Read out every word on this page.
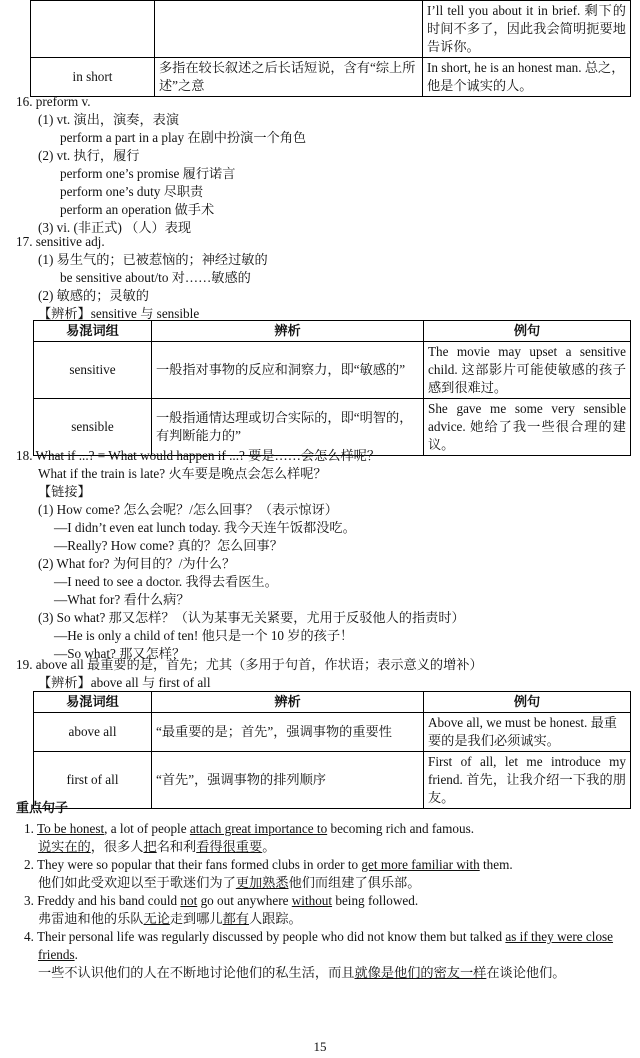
		I’ll tell you about it in brief. 剩下的时间不多了，因此我会简明扼要地告诉你。
in short	多指在较长叙述之后长话短说，含有“综上所述”之意	In short, he is an honest man. 总之，他是个诚实的人。
16. preform v.
(1) vt. 演出，演奏，表演
perform a part in a play 在剧中扮演一个角色
(2) vt. 执行，履行
perform one’s promise 履行诺言
perform one’s duty 尽职责
perform an operation 做手术
(3) vi. (非正式) （人）表现
17. sensitive adj.
(1) 易生气的；已被惹恼的；神经过敏的
be sensitive about/to 对……敏感的
(2) 敏感的；灵敏的
【辨析】sensitive 与 sensible
易混词组	辨析	例句
sensitive	一般指对事物的反应和洞察力，即“敏感的”	The movie may upset a sensitive child. 这部影片可能使敏感的孩子感到很难过。
sensible	一般指通情达理或切合实际的，即“明智的，有判断能力的”	She gave me some very sensible advice. 她给了我一些很合理的建议。
18. What if ...? = What would happen if ...? 要是……会怎么样呢？
What if the train is late? 火车要是晚点会怎么样呢？
【链接】
(1) How come? 怎么会呢？/怎么回事？（表示惊讶）
—I didn’t even eat lunch today. 我今天连午饭都没吃。
—Really? How come? 真的？怎么回事？
(2) What for? 为何目的？/为什么？
—I need to see a doctor. 我得去看医生。
—What for? 看什么病？
(3) So what? 那又怎样？（认为某事无关紧要，尤用于反驳他人的指责时）
—He is only a child of ten! 他只是一个 10 岁的孩子！
—So what? 那又怎样？
19. above all 最重要的是，首先；尤其（多用于句首，作状语；表示意义的增补）
【辨析】above all 与 first of all
易混词组	辨析	例句
above all	“最重要的是；首先”，强调事物的重要性	Above all, we must be honest. 最重要的是我们必须诚实。
first of all	“首先”，强调事物的排列顺序	First of all, let me introduce my friend. 首先，让我介绍一下我的朋友。
重点句子
1. To be honest, a lot of people attach great importance to becoming rich and famous.
说实在的，很多人把名和利看得很重要。
2. They were so popular that their fans formed clubs in order to get more familiar with them.
他们如此受欢迎以至于歌迷们为了更加熟悉他们而组建了俱乐部。
3. Freddy and his band could not go out anywhere without being followed.
弗雷迪和他的乐队无论走到哪儿都有人跟踪。
4. Their personal life was regularly discussed by people who did not know them but talked as if they were close friends.
一些不认识他们的人在不断地讨论他们的私生活，而且就像是他们的密友一样在谈论他们。
15
